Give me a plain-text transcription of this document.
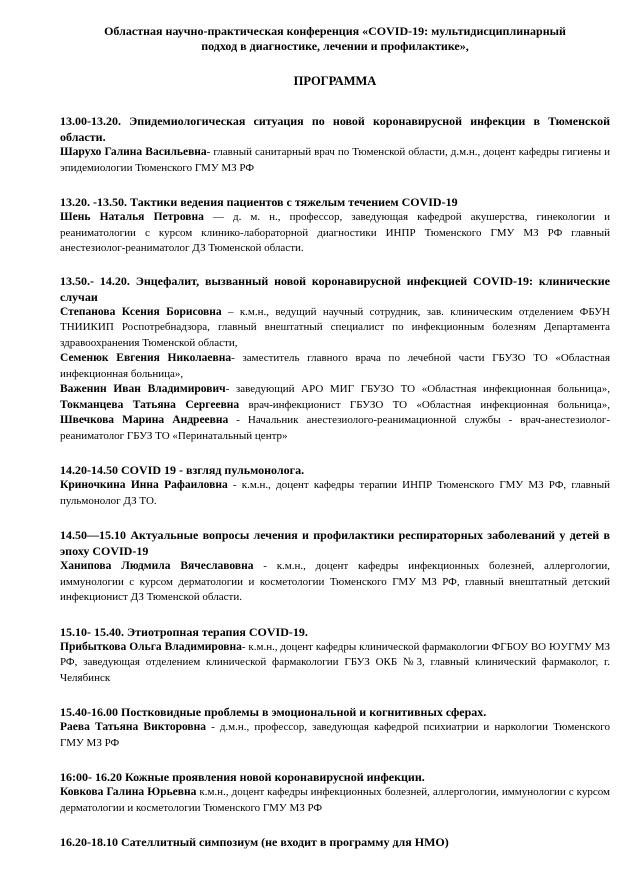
Областная научно-практическая конференция «COVID-19: мультидисциплинарный
подход в диагностике, лечении и профилактике»,

ПРОГРАММА

13.00-13.20. Эпидемиологическая ситуация по новой коронавирусной инфекции в Тюменской области.

Шарухо Галина Васильевна- главный санитарный врач по Тюменской области, д.м.н., доцент кафедры гигиены и эпидемиологии Тюменского ГМУ МЗ РФ

13.20. -13.50. Тактики ведения пациентов с тяжелым течением COVID-19

Шень Наталья Петровна — д. м. н., профессор, заведующая кафедрой акушерства, гинекологии и реаниматологии с курсом клинико-лабораторной диагностики ИНПР Тюменского ГМУ МЗ РФ главный анестезиолог-реаниматолог ДЗ Тюменской области.

13.50.- 14.20. Энцефалит, вызванный новой коронавирусной инфекцией COVID-19: клинические случаи

Степанова Ксения Борисовна – к.м.н., ведущий научный сотрудник, зав. клиническим отделением ФБУН ТНИИКИП Роспотребнадзора, главный внештатный специалист по инфекционным болезням Департамента здравоохранения Тюменской области,
Семенюк Евгения Николаевна- заместитель главного врача по лечебной части ГБУЗО ТО «Областная инфекционная больница»,
Важенин Иван Владимирович- заведующий АРО МИГ ГБУЗО ТО «Областная инфекционная больница», Токманцева Татьяна Сергеевна врач-инфекционист ГБУЗО ТО «Областная инфекционная больница», Швечкова Марина Андреевна - Начальник анестезиолого-реанимационной службы - врач-анестезиолог-реаниматолог ГБУЗ ТО «Перинатальный центр»

14.20-14.50 COVID 19 - взгляд пульмонолога.

Криночкина Инна Рафаиловна - к.м.н., доцент кафедры терапии ИНПР Тюменского ГМУ МЗ РФ, главный пульмонолог ДЗ ТО.

14.50—15.10 Актуальные вопросы лечения и профилактики респираторных заболеваний у детей в эпоху COVID-19

Ханипова Людмила Вячеславовна - к.м.н., доцент кафедры инфекционных болезней, аллергологии, иммунологии с курсом дерматологии и косметологии Тюменского ГМУ МЗ РФ, главный внештатный детский инфекционист ДЗ Тюменской области.

15.10- 15.40. Этиотропная терапия COVID-19.

Прибыткова Ольга Владимировна- к.м.н., доцент кафедры клинической фармакологии ФГБОУ ВО ЮУГМУ МЗ РФ, заведующая отделением клинической фармакологии ГБУЗ ОКБ №3, главный клинический фармаколог, г. Челябинск

15.40-16.00 Постковидные проблемы в эмоциональной и когнитивных сферах.

Раева Татьяна Викторовна - д.м.н., профессор, заведующая кафедрой психиатрии и наркологии Тюменского ГМУ МЗ РФ

16:00- 16.20 Кожные проявления новой коронавирусной инфекции.

Ковкова Галина Юрьевна к.м.н., доцент кафедры инфекционных болезней, аллергологии, иммунологии с курсом дерматологии и косметологии Тюменского ГМУ МЗ РФ

16.20-18.10 Сателлитный симпозиум (не входит в программу для НМО)
